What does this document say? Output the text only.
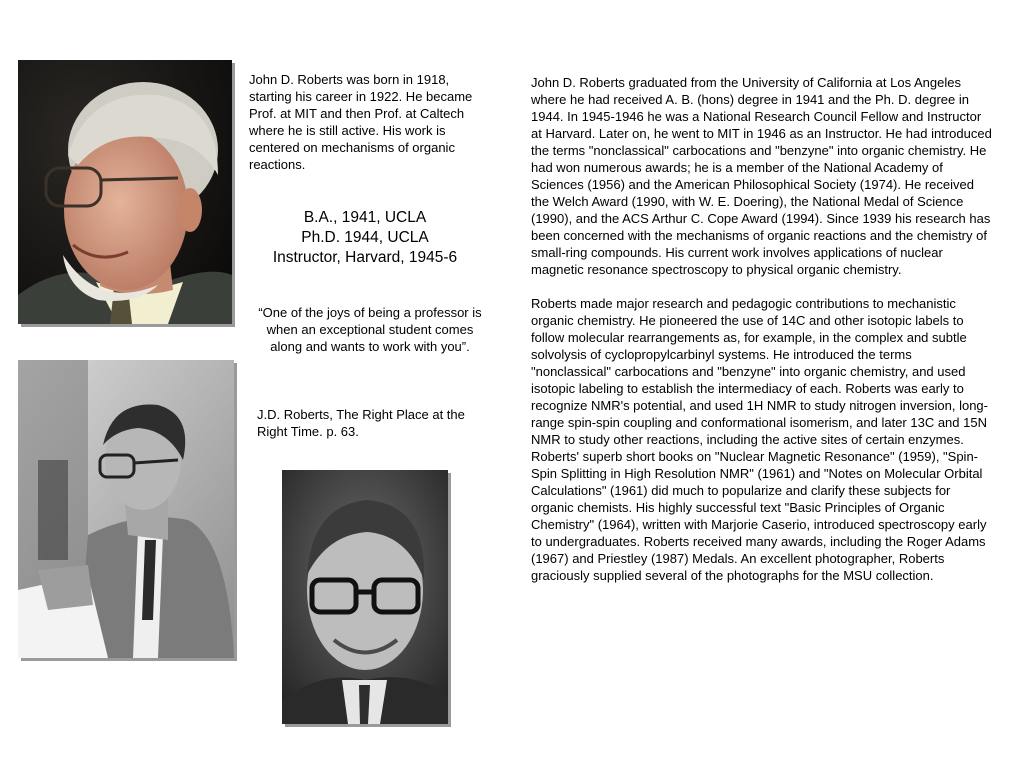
John D. Roberts was born in 1918, starting his career in 1922. He became Prof. at MIT and then Prof. at Caltech where he is still active. His work is centered on mechanisms of organic reactions.
B.A., 1941, UCLA
Ph.D. 1944, UCLA
Instructor, Harvard, 1945-6
“One of the joys of being a professor is when an exceptional student comes along and wants to work with you”.
J.D. Roberts, The Right Place at the Right Time. p. 63.

John D. Roberts graduated from the University of California at Los Angeles where he had received A. B. (hons) degree in 1941 and the Ph. D. degree in 1944. In 1945-1946 he was a National Research Council Fellow and Instructor at Harvard. Later on, he went to MIT in 1946 as an Instructor. He had introduced the terms "nonclassical" carbocations and "benzyne" into organic chemistry. He had won numerous awards; he is a member of the National Academy of Sciences (1956) and the American Philosophical Society (1974). He received the Welch Award (1990, with W. E. Doering), the National Medal of Science (1990), and the ACS Arthur C. Cope Award (1994). Since 1939 his research has been concerned with the mechanisms of organic reactions and the chemistry of small-ring compounds. His current work involves applications of nuclear magnetic resonance spectroscopy to physical organic chemistry.

Roberts made major research and pedagogic contributions to mechanistic organic chemistry. He pioneered the use of 14C and other isotopic labels to follow molecular rearrangements as, for example, in the complex and subtle solvolysis of cyclopropylcarbinyl systems. He introduced the terms "nonclassical" carbocations and "benzyne" into organic chemistry, and used isotopic labeling to establish the intermediacy of each. Roberts was early to recognize NMR's potential, and used 1H NMR to study nitrogen inversion, long-range spin-spin coupling and conformational isomerism, and later 13C and 15N NMR to study other reactions, including the active sites of certain enzymes. Roberts' superb short books on "Nuclear Magnetic Resonance" (1959), "Spin-Spin Splitting in High Resolution NMR" (1961) and "Notes on Molecular Orbital Calculations" (1961) did much to popularize and clarify these subjects for organic chemists. His highly successful text "Basic Principles of Organic Chemistry" (1964), written with Marjorie Caserio, introduced spectroscopy early to undergraduates. Roberts received many awards, including the Roger Adams (1967) and Priestley (1987) Medals. An excellent photographer, Roberts graciously supplied several of the photographs for the MSU collection.
